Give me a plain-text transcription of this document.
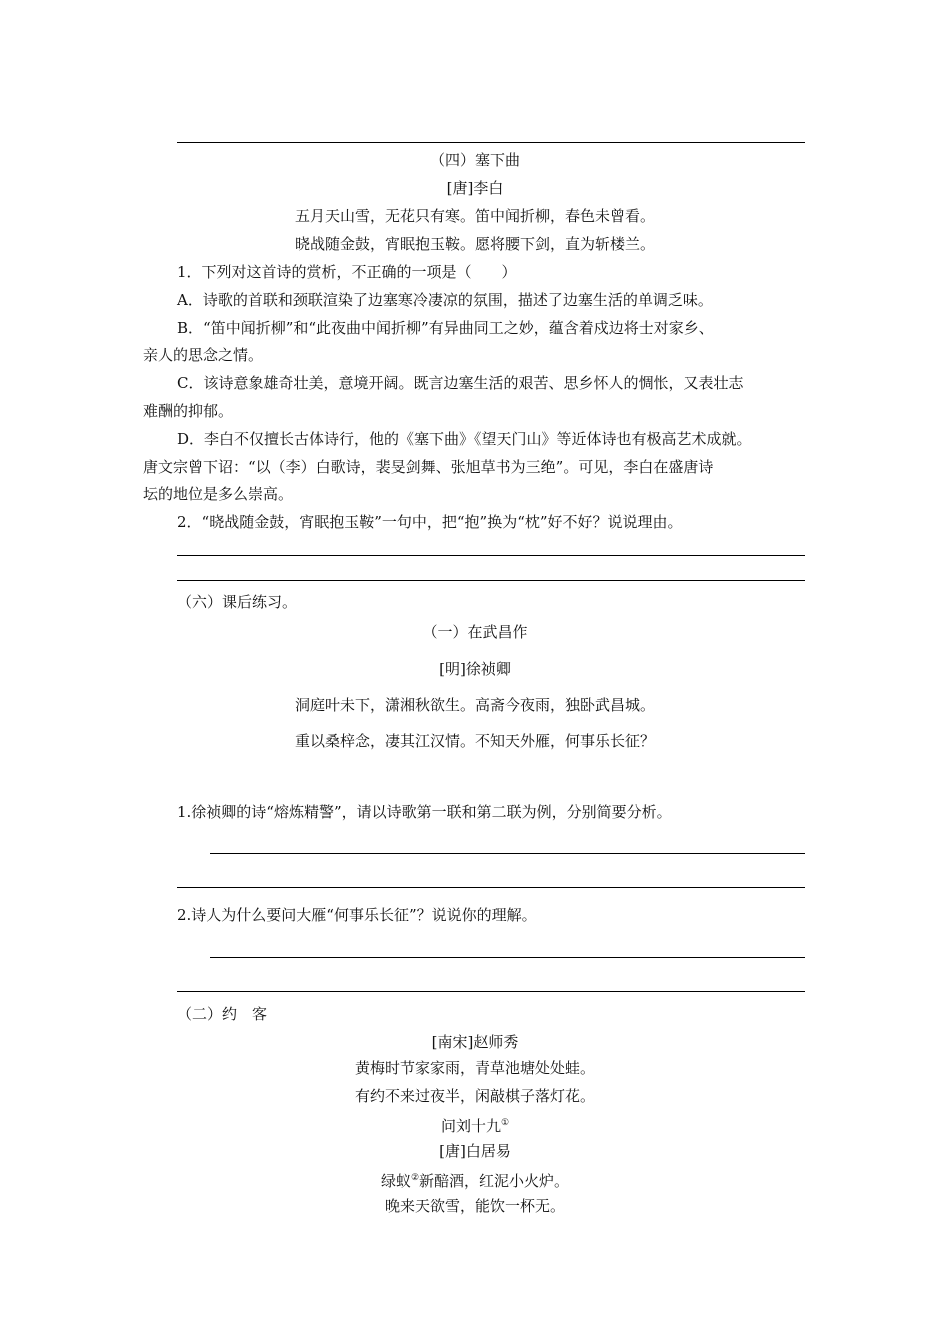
（四）塞下曲
[唐]李白
五月天山雪，无花只有寒。笛中闻折柳，春色未曾看。
晓战随金鼓，宵眠抱玉鞍。愿将腰下剑，直为斩楼兰。
1．下列对这首诗的赏析，不正确的一项是（　　）
A．诗歌的首联和颈联渲染了边塞寒冷凄凉的氛围，描述了边塞生活的单调乏味。
B．“笛中闻折柳”和“此夜曲中闻折柳”有异曲同工之妙，蕴含着戍边将士对家乡、
亲人的思念之情。
C．该诗意象雄奇壮美，意境开阔。既言边塞生活的艰苦、思乡怀人的惆怅，又表壮志
难酬的抑郁。
D．李白不仅擅长古体诗行，他的《塞下曲》《望天门山》等近体诗也有极高艺术成就。
唐文宗曾下诏：“以（李）白歌诗，裴旻剑舞、张旭草书为三绝”。可见，李白在盛唐诗
坛的地位是多么崇高。
2．“晓战随金鼓，宵眠抱玉鞍”一句中，把“抱”换为“枕”好不好？说说理由。
（六）课后练习。
（一）在武昌作
[明]徐祯卿
洞庭叶未下，潇湘秋欲生。高斋今夜雨，独卧武昌城。
重以桑梓念，凄其江汉情。不知天外雁，何事乐长征？
1.徐祯卿的诗“熔炼精警”，请以诗歌第一联和第二联为例，分别简要分析。
2.诗人为什么要问大雁“何事乐长征”？说说你的理解。
（二）约　客
[南宋]赵师秀
黄梅时节家家雨，青草池塘处处蛙。
有约不来过夜半，闲敲棋子落灯花。
问刘十九①
[唐]白居易
绿蚁②新醅酒，红泥小火炉。
晚来天欲雪，能饮一杯无。
